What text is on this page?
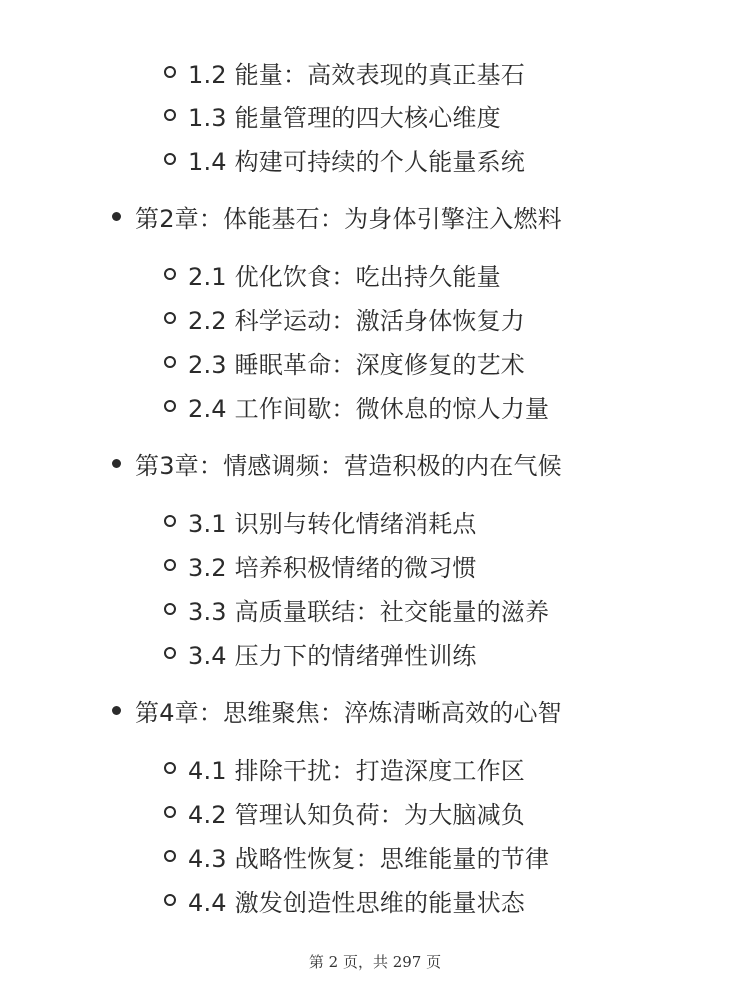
1.2 能量：高效表现的真正基石
1.3 能量管理的四大核心维度
1.4 构建可持续的个人能量系统
第2章：体能基石：为身体引擎注入燃料
2.1 优化饮食：吃出持久能量
2.2 科学运动：激活身体恢复力
2.3 睡眠革命：深度修复的艺术
2.4 工作间歇：微休息的惊人力量
第3章：情感调频：营造积极的内在气候
3.1 识别与转化情绪消耗点
3.2 培养积极情绪的微习惯
3.3 高质量联结：社交能量的滋养
3.4 压力下的情绪弹性训练
第4章：思维聚焦：淬炼清晰高效的心智
4.1 排除干扰：打造深度工作区
4.2 管理认知负荷：为大脑减负
4.3 战略性恢复：思维能量的节律
4.4 激发创造性思维的能量状态
第 2 页，共 297 页
